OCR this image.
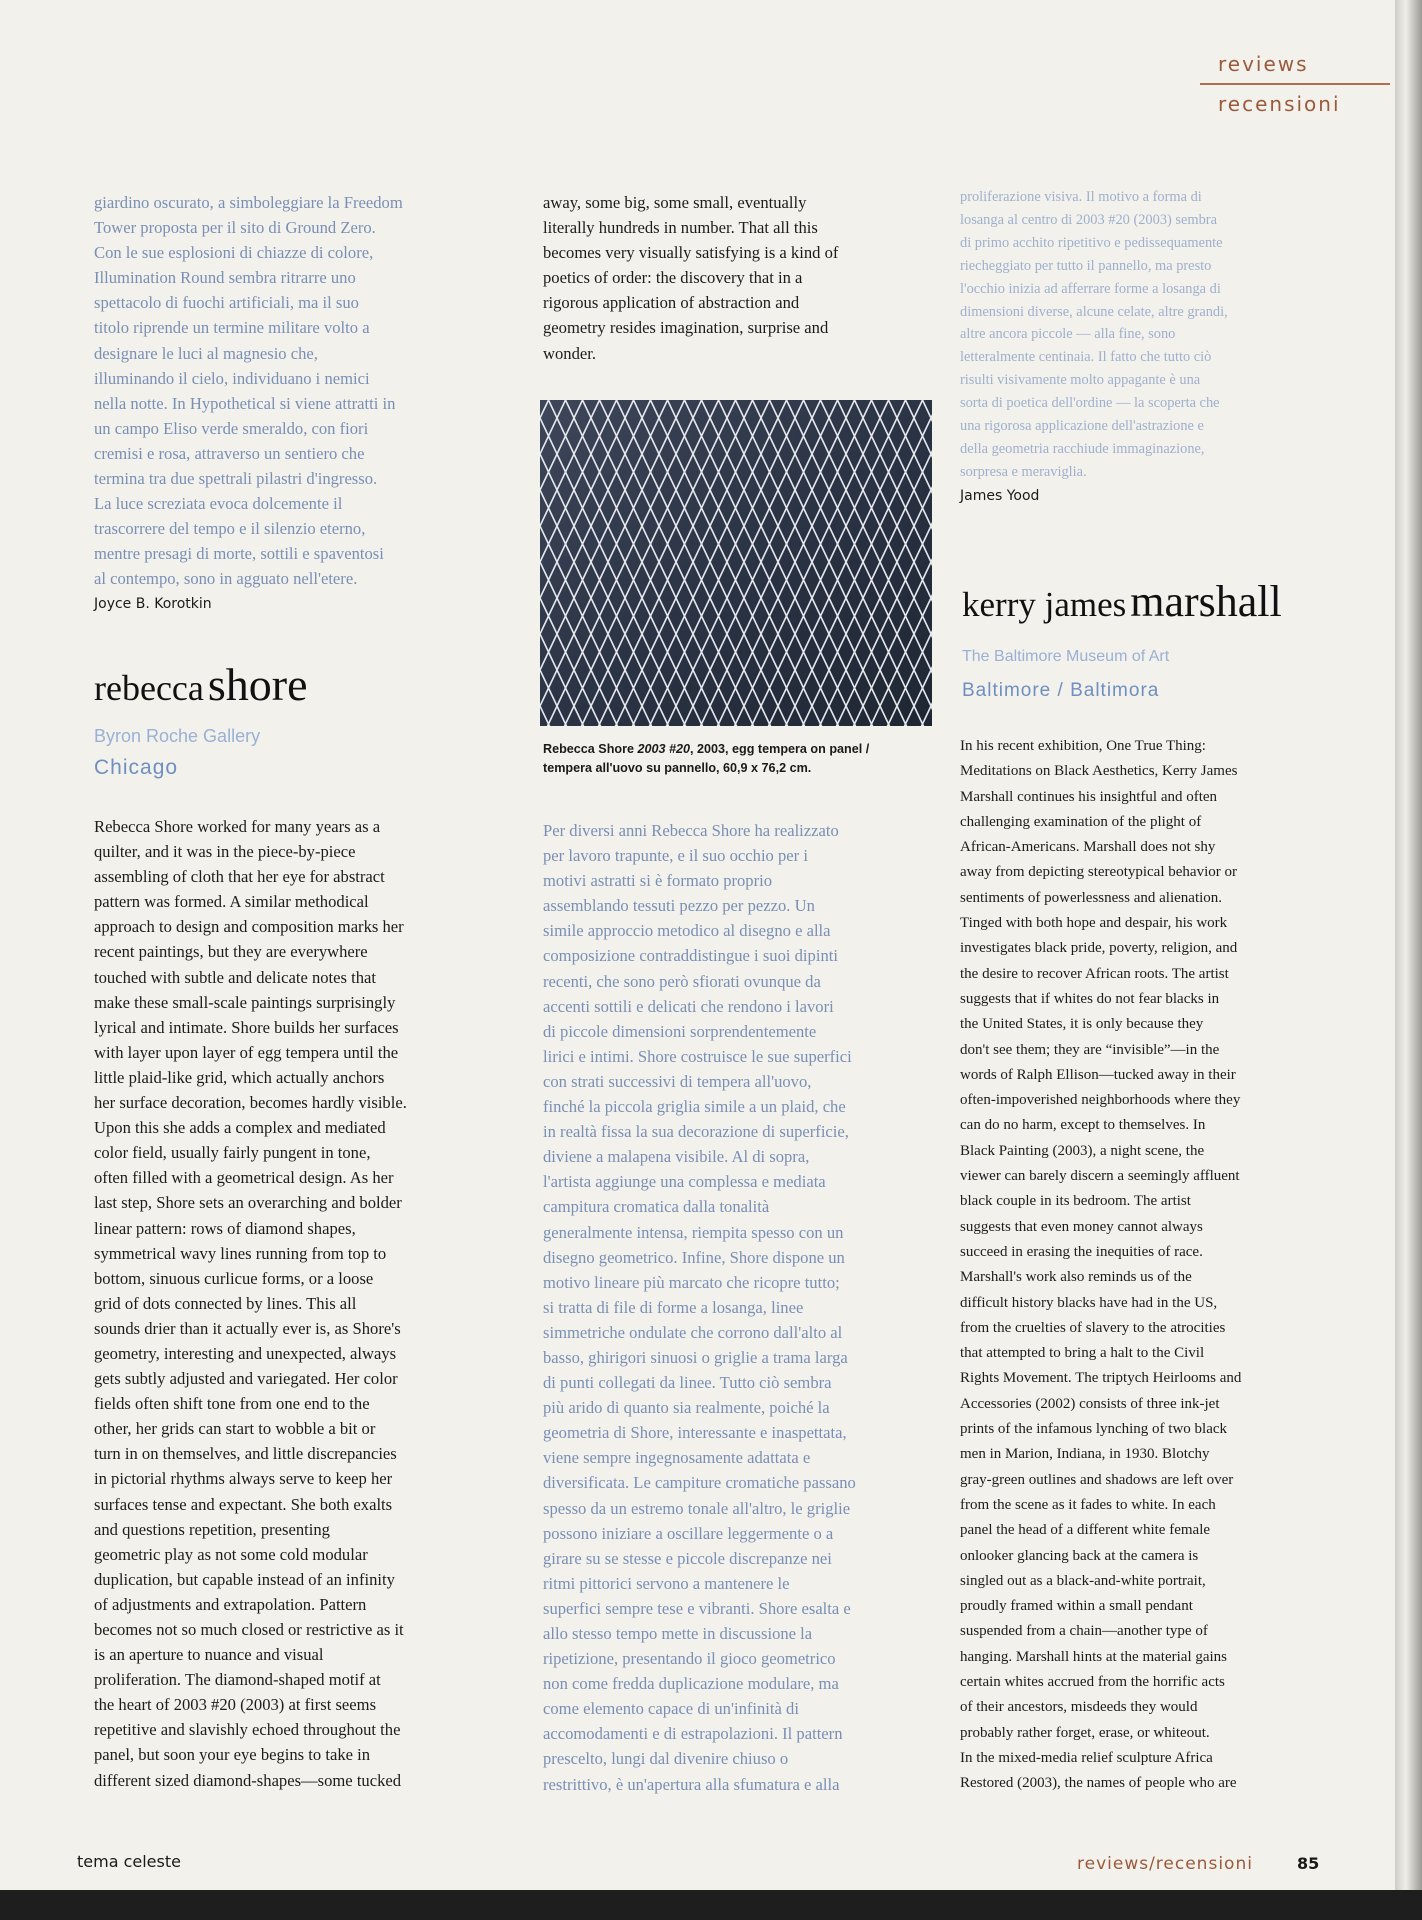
reviews
recensioni
giardino oscurato, a simboleggiare la Freedom
Tower proposta per il sito di Ground Zero.
Con le sue esplosioni di chiazze di colore,
Illumination Round sembra ritrarre uno
spettacolo di fuochi artificiali, ma il suo
titolo riprende un termine militare volto a
designare le luci al magnesio che,
illuminando il cielo, individuano i nemici
nella notte. In Hypothetical si viene attratti in
un campo Eliso verde smeraldo, con fiori
cremisi e rosa, attraverso un sentiero che
termina tra due spettrali pilastri d'ingresso.
La luce screziata evoca dolcemente il
trascorrere del tempo e il silenzio eterno,
mentre presagi di morte, sottili e spaventosi
al contempo, sono in agguato nell'etere.
Joyce B. Korotkin
rebecca shore
Byron Roche Gallery
Chicago
Rebecca Shore worked for many years as a
quilter, and it was in the piece-by-piece
assembling of cloth that her eye for abstract
pattern was formed. A similar methodical
approach to design and composition marks her
recent paintings, but they are everywhere
touched with subtle and delicate notes that
make these small-scale paintings surprisingly
lyrical and intimate. Shore builds her surfaces
with layer upon layer of egg tempera until the
little plaid-like grid, which actually anchors
her surface decoration, becomes hardly visible.
Upon this she adds a complex and mediated
color field, usually fairly pungent in tone,
often filled with a geometrical design. As her
last step, Shore sets an overarching and bolder
linear pattern: rows of diamond shapes,
symmetrical wavy lines running from top to
bottom, sinuous curlicue forms, or a loose
grid of dots connected by lines. This all
sounds drier than it actually ever is, as Shore's
geometry, interesting and unexpected, always
gets subtly adjusted and variegated. Her color
fields often shift tone from one end to the
other, her grids can start to wobble a bit or
turn in on themselves, and little discrepancies
in pictorial rhythms always serve to keep her
surfaces tense and expectant. She both exalts
and questions repetition, presenting
geometric play as not some cold modular
duplication, but capable instead of an infinity
of adjustments and extrapolation. Pattern
becomes not so much closed or restrictive as it
is an aperture to nuance and visual
proliferation. The diamond-shaped motif at
the heart of 2003 #20 (2003) at first seems
repetitive and slavishly echoed throughout the
panel, but soon your eye begins to take in
different sized diamond-shapes—some tucked
away, some big, some small, eventually
literally hundreds in number. That all this
becomes very visually satisfying is a kind of
poetics of order: the discovery that in a
rigorous application of abstraction and
geometry resides imagination, surprise and
wonder.
Rebecca Shore 2003 #20, 2003, egg tempera on panel /
tempera all'uovo su pannello, 60,9 x 76,2 cm.
Per diversi anni Rebecca Shore ha realizzato
per lavoro trapunte, e il suo occhio per i
motivi astratti si è formato proprio
assemblando tessuti pezzo per pezzo. Un
simile approccio metodico al disegno e alla
composizione contraddistingue i suoi dipinti
recenti, che sono però sfiorati ovunque da
accenti sottili e delicati che rendono i lavori
di piccole dimensioni sorprendentemente
lirici e intimi. Shore costruisce le sue superfici
con strati successivi di tempera all'uovo,
finché la piccola griglia simile a un plaid, che
in realtà fissa la sua decorazione di superficie,
diviene a malapena visibile. Al di sopra,
l'artista aggiunge una complessa e mediata
campitura cromatica dalla tonalità
generalmente intensa, riempita spesso con un
disegno geometrico. Infine, Shore dispone un
motivo lineare più marcato che ricopre tutto;
si tratta di file di forme a losanga, linee
simmetriche ondulate che corrono dall'alto al
basso, ghirigori sinuosi o griglie a trama larga
di punti collegati da linee. Tutto ciò sembra
più arido di quanto sia realmente, poiché la
geometria di Shore, interessante e inaspettata,
viene sempre ingegnosamente adattata e
diversificata. Le campiture cromatiche passano
spesso da un estremo tonale all'altro, le griglie
possono iniziare a oscillare leggermente o a
girare su se stesse e piccole discrepanze nei
ritmi pittorici servono a mantenere le
superfici sempre tese e vibranti. Shore esalta e
allo stesso tempo mette in discussione la
ripetizione, presentando il gioco geometrico
non come fredda duplicazione modulare, ma
come elemento capace di un'infinità di
accomodamenti e di estrapolazioni. Il pattern
prescelto, lungi dal divenire chiuso o
restrittivo, è un'apertura alla sfumatura e alla
proliferazione visiva. Il motivo a forma di
losanga al centro di 2003 #20 (2003) sembra
di primo acchito ripetitivo e pedissequamente
riecheggiato per tutto il pannello, ma presto
l'occhio inizia ad afferrare forme a losanga di
dimensioni diverse, alcune celate, altre grandi,
altre ancora piccole — alla fine, sono
letteralmente centinaia. Il fatto che tutto ciò
risulti visivamente molto appagante è una
sorta di poetica dell'ordine — la scoperta che
una rigorosa applicazione dell'astrazione e
della geometria racchiude immaginazione,
sorpresa e meraviglia.
James Yood
kerry james marshall
The Baltimore Museum of Art
Baltimore / Baltimora
In his recent exhibition, One True Thing:
Meditations on Black Aesthetics, Kerry James
Marshall continues his insightful and often
challenging examination of the plight of
African-Americans. Marshall does not shy
away from depicting stereotypical behavior or
sentiments of powerlessness and alienation.
Tinged with both hope and despair, his work
investigates black pride, poverty, religion, and
the desire to recover African roots. The artist
suggests that if whites do not fear blacks in
the United States, it is only because they
don't see them; they are “invisible”—in the
words of Ralph Ellison—tucked away in their
often-impoverished neighborhoods where they
can do no harm, except to themselves. In
Black Painting (2003), a night scene, the
viewer can barely discern a seemingly affluent
black couple in its bedroom. The artist
suggests that even money cannot always
succeed in erasing the inequities of race.
Marshall's work also reminds us of the
difficult history blacks have had in the US,
from the cruelties of slavery to the atrocities
that attempted to bring a halt to the Civil
Rights Movement. The triptych Heirlooms and
Accessories (2002) consists of three ink-jet
prints of the infamous lynching of two black
men in Marion, Indiana, in 1930. Blotchy
gray-green outlines and shadows are left over
from the scene as it fades to white. In each
panel the head of a different white female
onlooker glancing back at the camera is
singled out as a black-and-white portrait,
proudly framed within a small pendant
suspended from a chain—another type of
hanging. Marshall hints at the material gains
certain whites accrued from the horrific acts
of their ancestors, misdeeds they would
probably rather forget, erase, or whiteout.
In the mixed-media relief sculpture Africa
Restored (2003), the names of people who are
tema celeste	reviews/recensioni	85
